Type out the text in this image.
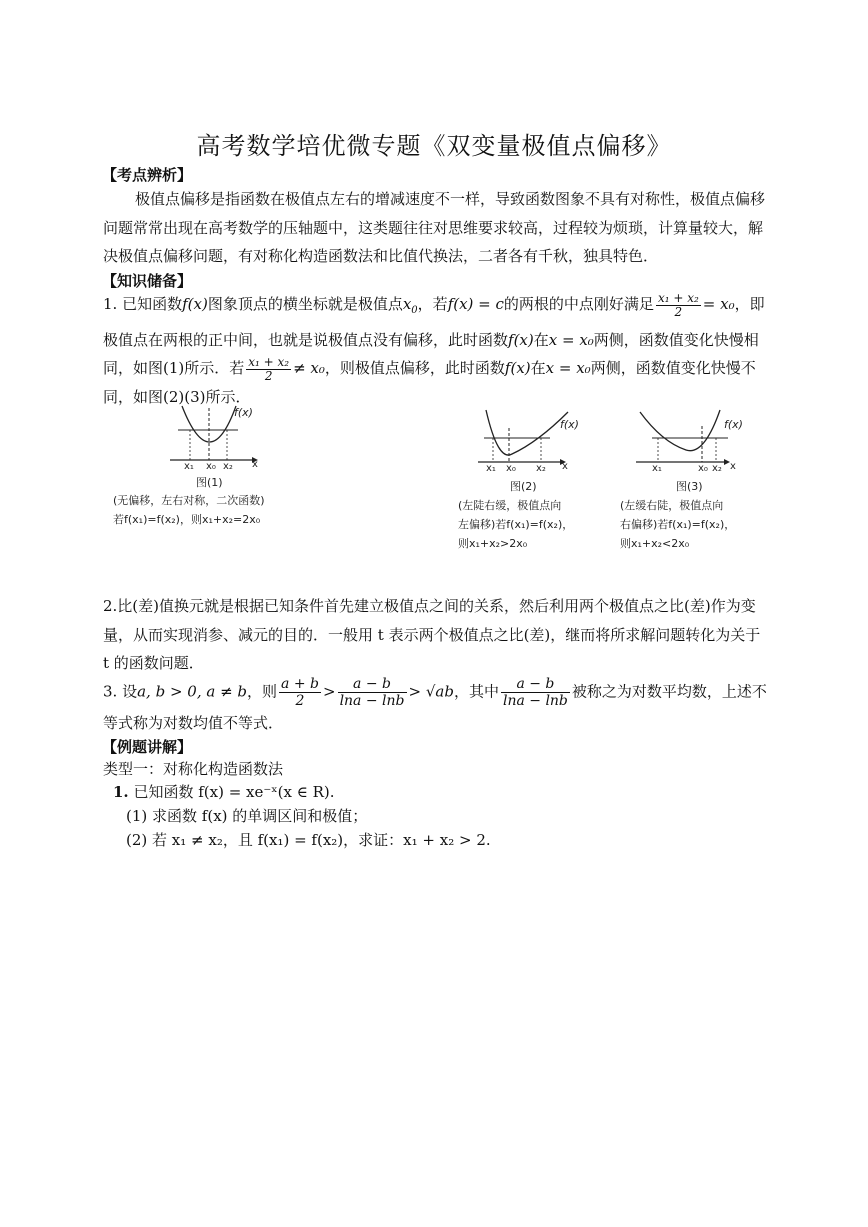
高考数学培优微专题《双变量极值点偏移》
【考点辨析】
极值点偏移是指函数在极值点左右的增减速度不一样，导致函数图象不具有对称性，极值点偏移问题常常出现在高考数学的压轴题中，这类题往往对思维要求较高，过程较为烦琐，计算量较大，解决极值点偏移问题，有对称化构造函数法和比值代换法，二者各有千秋，独具特色．
【知识储备】
1. 已知函数f(x)图象顶点的横坐标就是极值点$x_0$，若f(x) = c的两根的中点刚好满足 $\frac{\text{x₁ + x₂}}{2} = x_0$，即极值点在两根的正中间，也就是说极值点没有偏移，此时函数f(x)在x = x₀两侧，函数值变化快慢相同，如图(1)所示．若 $\frac{\text{x₁ + x₂}}{2} \ne x_0$，则极值点偏移，此时函数f(x)在x = x₀两侧，函数值变化快慢不同，如图(2)(3)所示．
f(x)
x₁ x₀ x₂ x
图(1)
(无偏移，左右对称，二次函数)
若f(x₁)=f(x₂)，则x₁+x₂=2x₀
f(x)
x₁ x₀ x₂ x
图(2)
(左陡右缓，极值点向
左偏移)若f(x₁)=f(x₂)，
则x₁+x₂>2x₀
f(x)
x₁	x₀ x₂ x
图(3)
(左缓右陡，极值点向
右偏移)若f(x₁)=f(x₂)，
则x₁+x₂<2x₀
2.比(差)值换元就是根据已知条件首先建立极值点之间的关系，然后利用两个极值点之比(差)作为变量，从而实现消参、减元的目的．一般用 t 表示两个极值点之比(差)，继而将所求解问题转化为关于 t 的函数问题．
3. 设a, b > 0, a ≠ b，则 $\frac{a + b}{2} > \frac{a - b}{\ln a - \ln b} > √ab$，其中 $\frac{a - b}{\ln a - \ln b}$ 被称之为对数平均数，上述不等式称为对数均值不等式．
【例题讲解】
类型一：对称化构造函数法
1. 已知函数 f(x) = xe⁻ˣ(x ∈ R).
(1) 求函数 f(x) 的单调区间和极值；
(2) 若 x₁ ≠ x₂，且 f(x₁) = f(x₂)，求证：x₁ + x₂ > 2.
